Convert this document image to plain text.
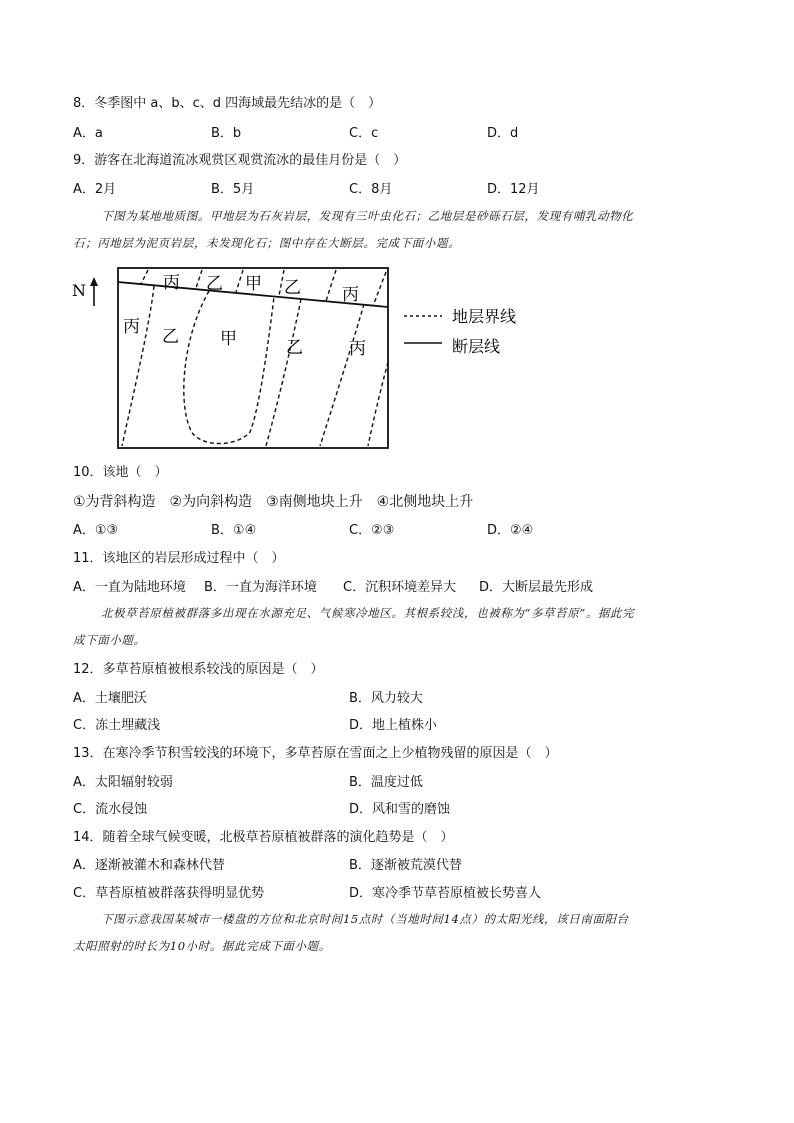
8．冬季图中 a、b、c、d 四海域最先结冰的是（　）
A．a	B．b	C．c	D．d
9．游客在北海道流冰观赏区观赏流冰的最佳月份是（　）
A．2月	B．5月	C．8月	D．12月
下图为某地地质图。甲地层为石灰岩层，发现有三叶虫化石；乙地层是砂砾石层，发现有哺乳动物化
石；丙地层为泥页岩层，未发现化石；图中存在大断层。完成下面小题。
N	丙 乙 甲 乙 丙
丙 乙 甲	乙	丙
地层界线
断层线
10．该地（　）
①为背斜构造　②为向斜构造　③南侧地块上升　④北侧地块上升
A．①③	B．①④	C．②③	D．②④
11．该地区的岩层形成过程中（　）
A．一直为陆地环境 B．一直为海洋环境 C．沉积环境差异大 D．大断层最先形成
北极草苔原植被群落多出现在水源充足、气候寒冷地区。其根系较浅，也被称为“多草苔原”。据此完
成下面小题。
12．多草苔原植被根系较浅的原因是（　）
A．土壤肥沃	B．风力较大
C．冻土埋藏浅	D．地上植株小
13．在寒冷季节积雪较浅的环境下，多草苔原在雪面之上少植物残留的原因是（　）
A．太阳辐射较弱	B．温度过低
C．流水侵蚀	D．风和雪的磨蚀
14．随着全球气候变暖，北极草苔原植被群落的演化趋势是（　）
A．逐渐被灌木和森林代替	B．逐渐被荒漠代替
C．草苔原植被群落获得明显优势	D．寒冷季节草苔原植被长势喜人
下图示意我国某城市一楼盘的方位和北京时间15点时（当地时间14点）的太阳光线，该日南面阳台
太阳照射的时长为10小时。据此完成下面小题。
